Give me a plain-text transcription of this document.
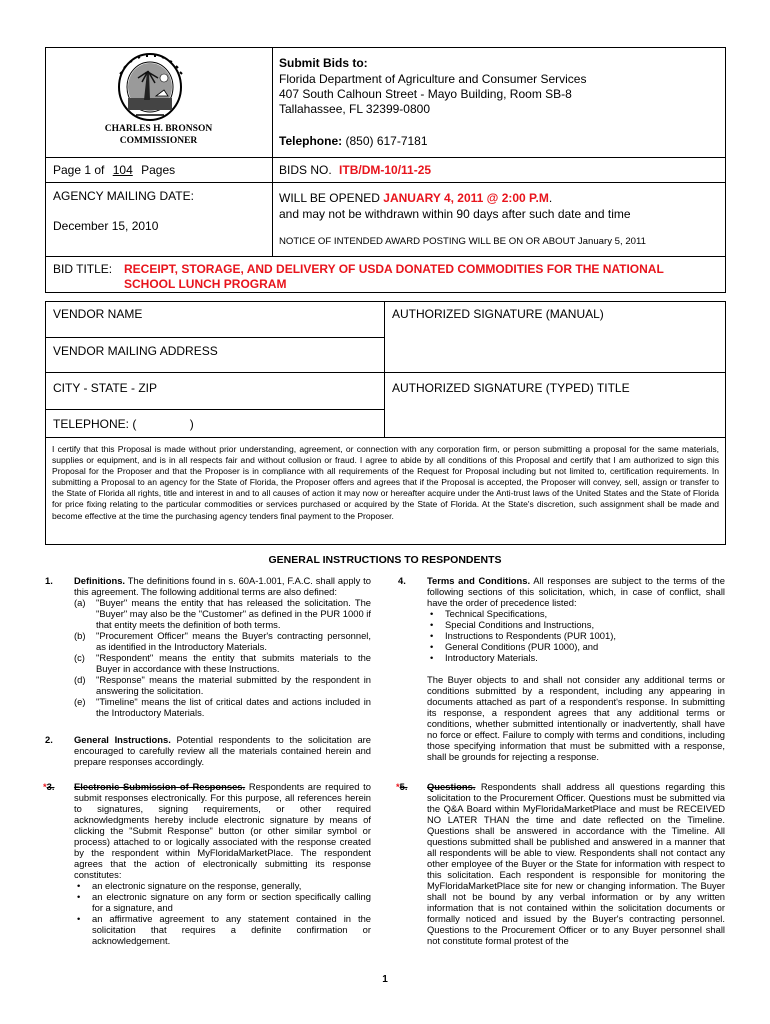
CHARLES H. BRONSON
COMMISSIONER
Submit Bids to:
Florida Department of Agriculture and Consumer Services
407 South Calhoun Street - Mayo Building, Room SB-8
Tallahassee, FL 32399-0800
Telephone: (850) 617-7181
Page 1 of 104 Pages	BIDS NO. ITB/DM-10/11-25
AGENCY MAILING DATE:
December 15, 2010
WILL BE OPENED JANUARY 4, 2011 @ 2:00 P.M.
and may not be withdrawn within 90 days after such date and time
NOTICE OF INTENDED AWARD POSTING WILL BE ON OR ABOUT January 5, 2011
BID TITLE: RECEIPT, STORAGE, AND DELIVERY OF USDA DONATED COMMODITIES FOR THE NATIONAL
SCHOOL LUNCH PROGRAM
VENDOR NAME	AUTHORIZED SIGNATURE (MANUAL)
VENDOR MAILING ADDRESS
CITY - STATE - ZIP	AUTHORIZED SIGNATURE (TYPED) TITLE
TELEPHONE: (                )
I certify that this Proposal is made without prior understanding, agreement, or connection with any corporation firm, or person submitting a proposal for the same materials, supplies or equipment, and is in all respects fair and without collusion or fraud. I agree to abide by all conditions of this Proposal and certify that I am authorized to sign this Proposal for the Proposer and that the Proposer is in compliance with all requirements of the Request for Proposal including but not limited to, certification requirements. In submitting a Proposal to an agency for the State of Florida, the Proposer offers and agrees that if the Proposal is accepted, the Proposer will convey, sell, assign or transfer to the State of Florida all rights, title and interest in and to all causes of action it may now or hereafter acquire under the Anti-trust laws of the United States and the State of Florida for price fixing relating to the particular commodities or services purchased or acquired by the State of Florida. At the State's discretion, such assignment shall be made and become effective at the time the purchasing agency tenders final payment to the Proposer.
GENERAL INSTRUCTIONS TO RESPONDENTS
1. Definitions. The definitions found in s. 60A-1.001, F.A.C. shall apply to this agreement. The following additional terms are also defined:
(a) "Buyer" means the entity that has released the solicitation. The "Buyer" may also be the "Customer" as defined in the PUR 1000 if that entity meets the definition of both terms.
(b) "Procurement Officer" means the Buyer's contracting personnel, as identified in the Introductory Materials.
(c) "Respondent" means the entity that submits materials to the Buyer in accordance with these Instructions.
(d) "Response" means the material submitted by the respondent in answering the solicitation.
(e) "Timeline" means the list of critical dates and actions included in the Introductory Materials.
2. General Instructions. Potential respondents to the solicitation are encouraged to carefully review all the materials contained herein and prepare responses accordingly.
*3. Electronic Submission of Responses. Respondents are required to submit responses electronically. For this purpose, all references herein to signatures, signing requirements, or other required acknowledgments hereby include electronic signature by means of clicking the "Submit Response" button (or other similar symbol or process) attached to or logically associated with the response created by the respondent within MyFloridaMarketPlace. The respondent agrees that the action of electronically submitting its response constitutes:
• an electronic signature on the response, generally,
• an electronic signature on any form or section specifically calling for a signature, and
• an affirmative agreement to any statement contained in the solicitation that requires a definite confirmation or acknowledgement.
4. Terms and Conditions. All responses are subject to the terms of the following sections of this solicitation, which, in case of conflict, shall have the order of precedence listed:
• Technical Specifications,
• Special Conditions and Instructions,
• Instructions to Respondents (PUR 1001),
• General Conditions (PUR 1000), and
• Introductory Materials.
The Buyer objects to and shall not consider any additional terms or conditions submitted by a respondent, including any appearing in documents attached as part of a respondent's response. In submitting its response, a respondent agrees that any additional terms or conditions, whether submitted intentionally or inadvertently, shall have no force or effect. Failure to comply with terms and conditions, including those specifying information that must be submitted with a response, shall be grounds for rejecting a response.
*5. Questions. Respondents shall address all questions regarding this solicitation to the Procurement Officer. Questions must be submitted via the Q&A Board within MyFloridaMarketPlace and must be RECEIVED NO LATER THAN the time and date reflected on the Timeline. Questions shall be answered in accordance with the Timeline. All questions submitted shall be published and answered in a manner that all respondents will be able to view. Respondents shall not contact any other employee of the Buyer or the State for information with respect to this solicitation. Each respondent is responsible for monitoring the MyFloridaMarketPlace site for new or changing information. The Buyer shall not be bound by any verbal information or by any written information that is not contained within the solicitation documents or formally noticed and issued by the Buyer's contracting personnel. Questions to the Procurement Officer or to any Buyer personnel shall not constitute formal protest of the
1
